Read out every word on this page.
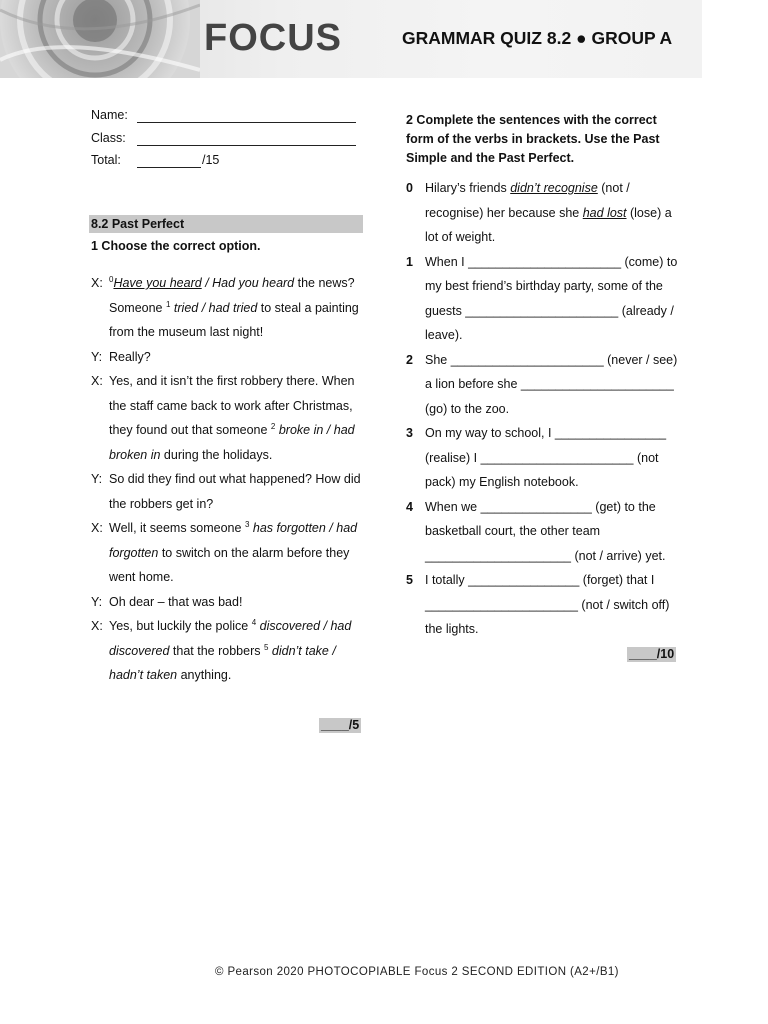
FOCUS	GRAMMAR QUIZ 8.2 ● GROUP A
Name:
Class:
Total:	/15
8.2 Past Perfect
1 Choose the correct option.
X: $^0$Have you heard / Had you heard the news? Someone $^1$ tried / had tried to steal a painting from the museum last night!
Y: Really?
X: Yes, and it isn’t the first robbery there. When the staff came back to work after Christmas, they found out that someone $^2$ broke in / had broken in during the holidays.
Y: So did they find out what happened? How did the robbers get in?
X: Well, it seems someone $^3$ has forgotten / had forgotten to switch on the alarm before they went home.
Y: Oh dear – that was bad!
X: Yes, but luckily the police $^4$ discovered / had discovered that the robbers $^5$ didn’t take / hadn’t taken anything.
____/5
2 Complete the sentences with the correct form of the verbs in brackets. Use the Past Simple and the Past Perfect.
0 Hilary’s friends didn’t recognise (not / recognise) her because she had lost (lose) a lot of weight.
1 When I ______________________ (come) to my best friend’s birthday party, some of the guests ______________________ (already / leave).
2 She ______________________ (never / see) a lion before she ______________________ (go) to the zoo.
3 On my way to school, I ________________ (realise) I ______________________ (not pack) my English notebook.
4 When we ________________ (get) to the basketball court, the other team _____________________ (not / arrive) yet.
5 I totally ________________ (forget) that I ______________________ (not / switch off) the lights.
____/10
© Pearson 2020 PHOTOCOPIABLE Focus 2 SECOND EDITION (A2+/B1)
